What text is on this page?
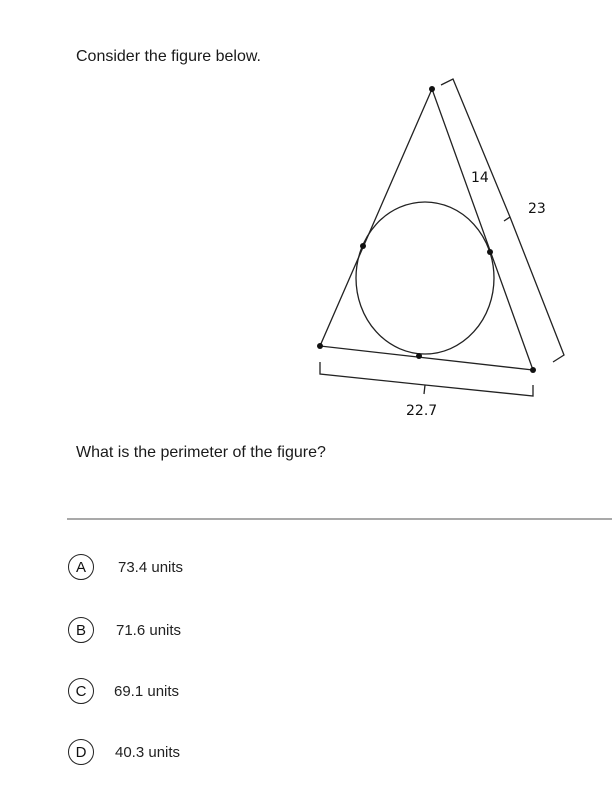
Consider the figure below.

14
23
22.7

What is the perimeter of the figure?

A	73.4 units
B	71.6 units
C	69.1 units
D	40.3 units
